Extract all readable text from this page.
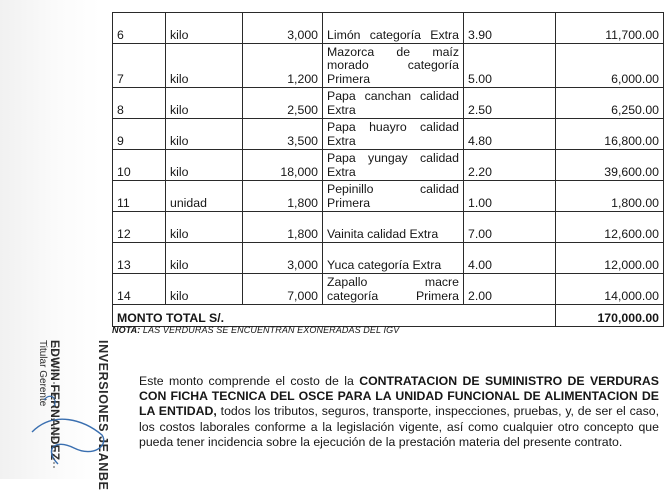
6	kilo	3,000	Limón categoría Extra	3.90	11,700.00
7	kilo	1,200	Mazorca de maíz morado categoría Primera	5.00	6,000.00
8	kilo	2,500	Papa canchan calidad Extra	2.50	6,250.00
9	kilo	3,500	Papa huayro calidad Extra	4.80	16,800.00
10	kilo	18,000	Papa yungay calidad Extra	2.20	39,600.00
11	unidad	1,800	Pepinillo calidad Primera	1.00	1,800.00
12	kilo	1,800	Vainita calidad Extra	7.00	12,600.00
13	kilo	3,000	Yuca categoría Extra	4.00	12,000.00
14	kilo	7,000	Zapallo macre categoría Primera	2.00	14,000.00
MONTO TOTAL S/.					170,000.00
NOTA: LAS VERDURAS SE ENCUENTRAN EXONERADAS DEL IGV
INVERSIONES JEANBE
EDWIN FERNANDEZ
Titular Gerente	Este monto comprende el costo de la CONTRATACION DE SUMINISTRO DE VERDURAS CON FICHA TECNICA DEL OSCE PARA LA UNIDAD FUNCIONAL DE ALIMENTACION DE LA ENTIDAD, todos los tributos, seguros, transporte, inspecciones, pruebas, y, de ser el caso, los costos laborales conforme a la legislación vigente, así como cualquier otro concepto que pueda tener incidencia sobre la ejecución de la prestación materia del presente contrato.
